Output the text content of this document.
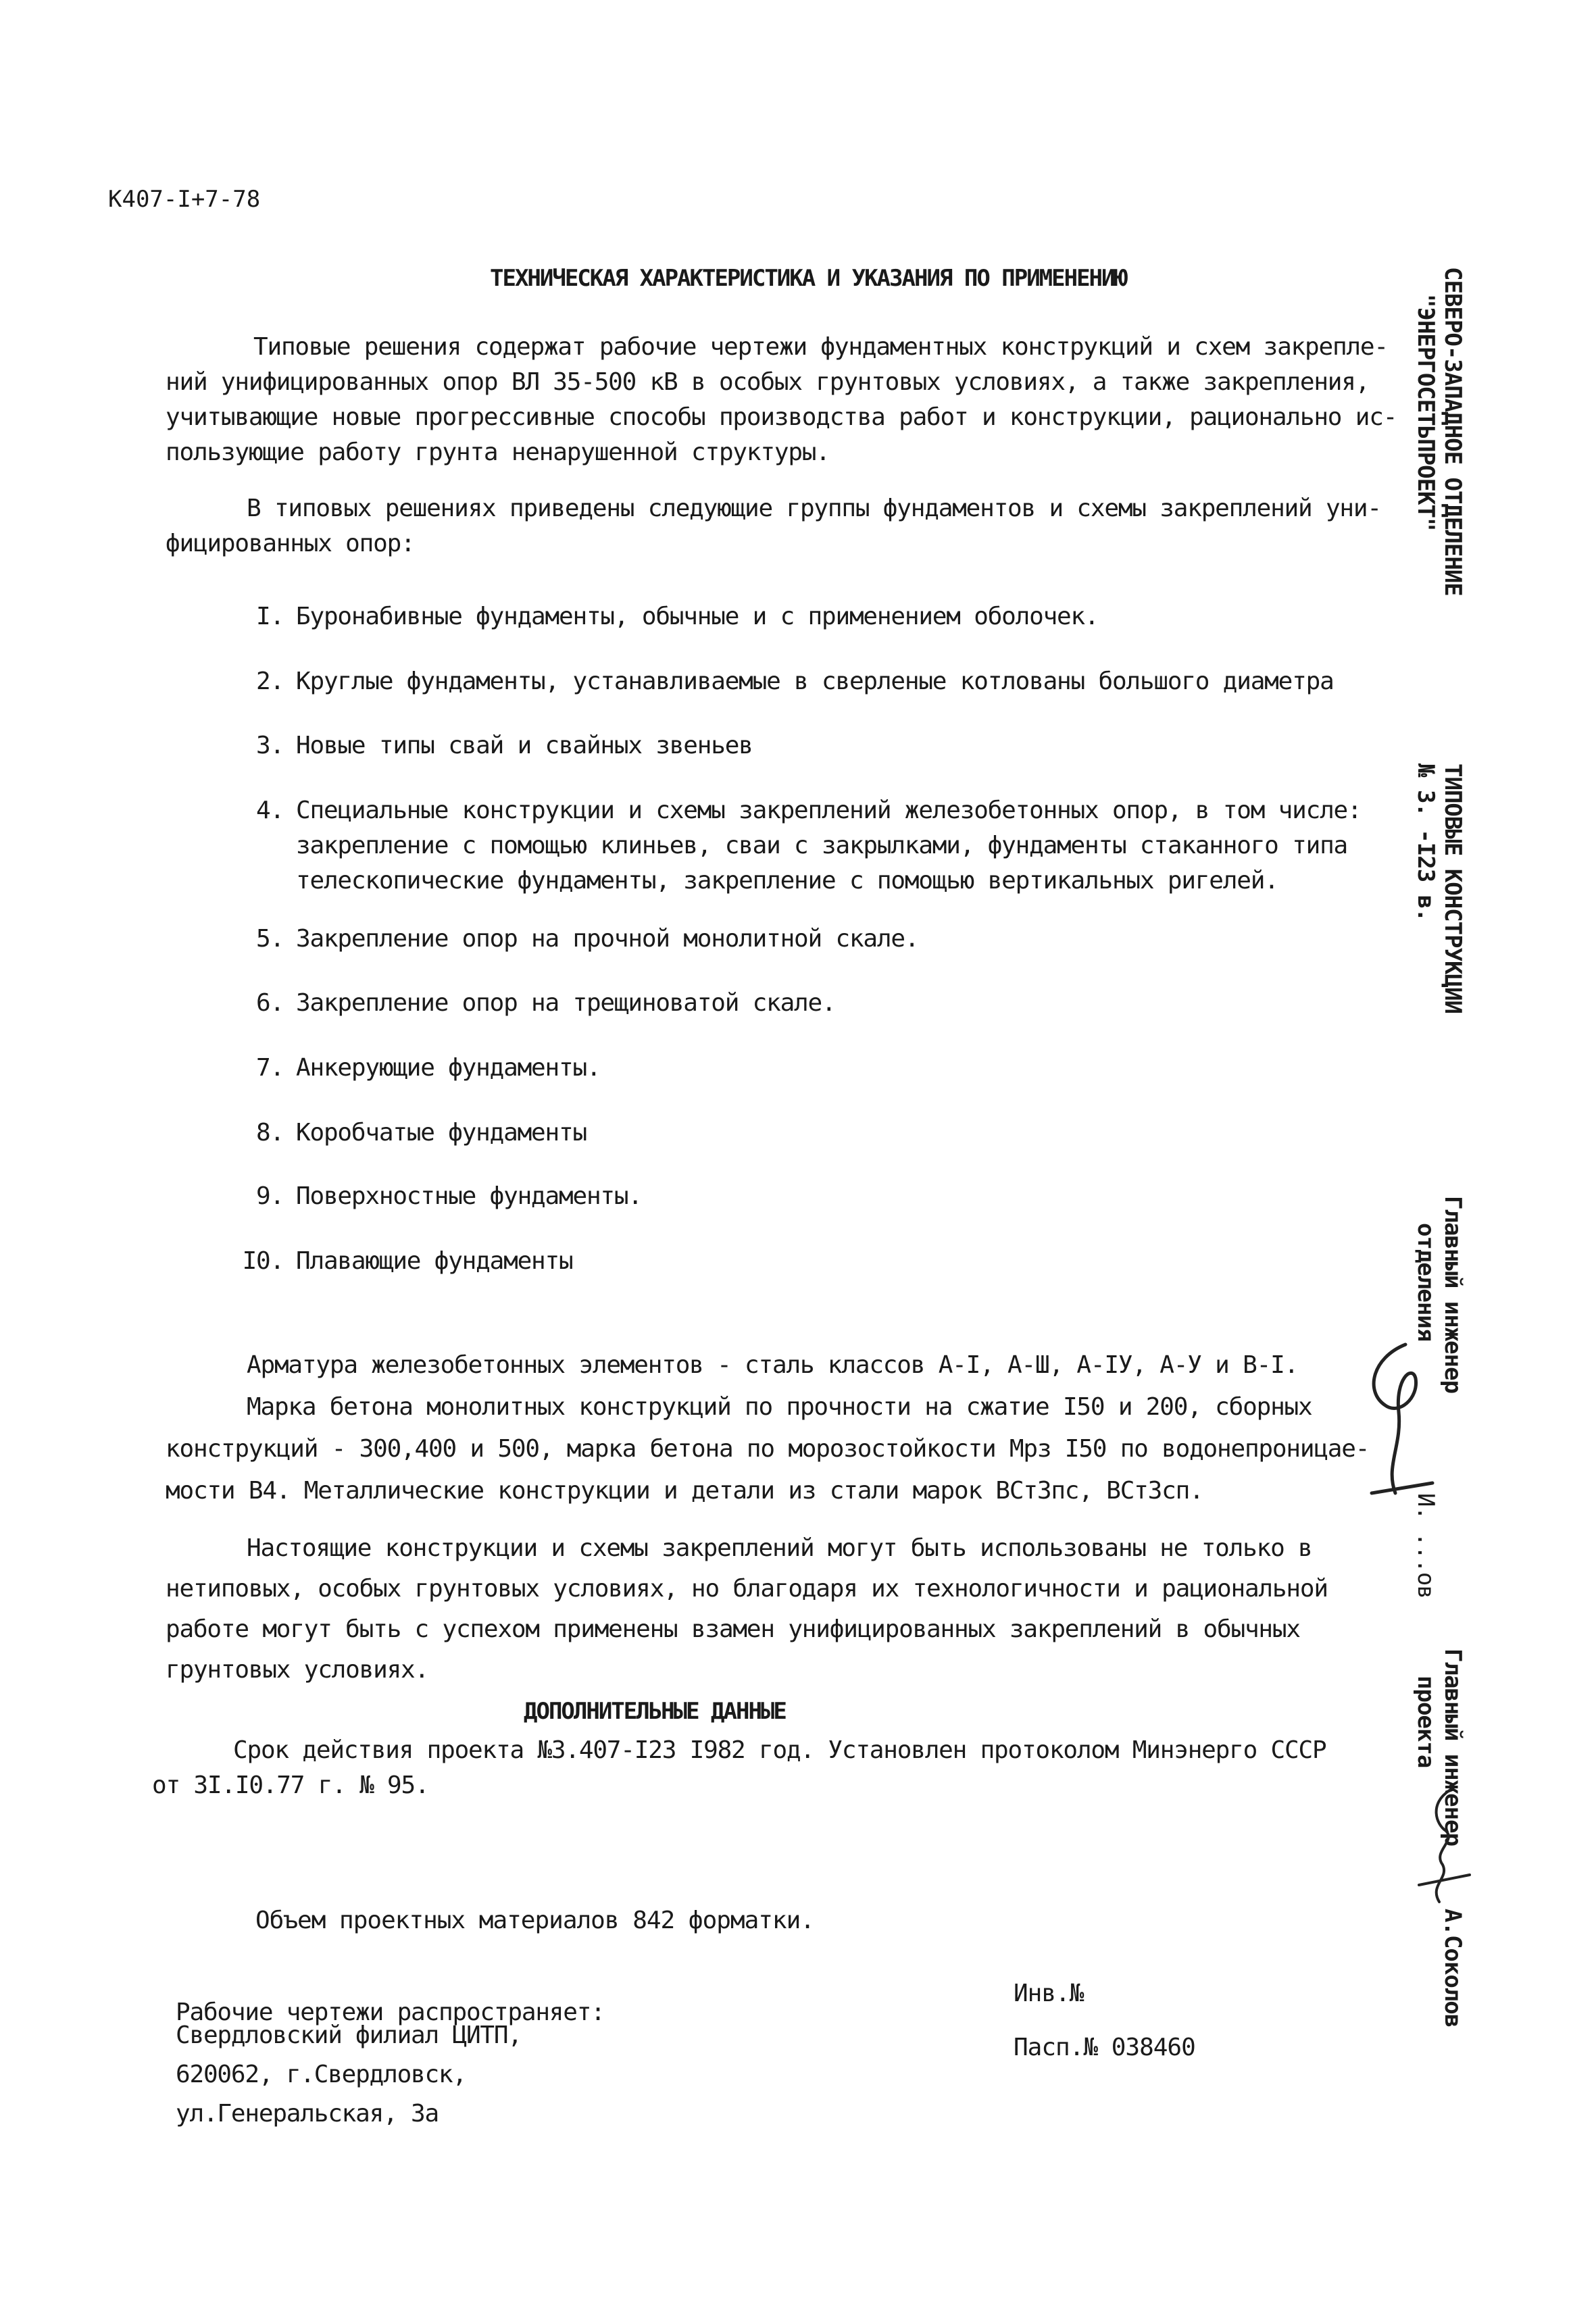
К407-І+7-78
ТЕХНИЧЕСКАЯ ХАРАКТЕРИСТИКА И УКАЗАНИЯ ПО ПРИМЕНЕНИЮ
Типовые решения содержат рабочие чертежи фундаментных конструкций и схем закрепле-
ний унифицированных опор ВЛ 35-500 кВ в особых грунтовых условиях, а также закрепления,
учитывающие новые прогрессивные способы производства работ и конструкции, рационально ис-
пользующие работу грунта ненарушенной структуры.
В типовых решениях приведены следующие группы фундаментов и схемы закреплений уни-
фицированных опор:
І. Буронабивные фундаменты, обычные и с применением оболочек.
2. Круглые фундаменты, устанавливаемые в сверленые котлованы большого диаметра
3. Новые типы свай и свайных звеньев
4. Специальные конструкции и схемы закреплений железобетонных опор, в том числе:
закрепление с помощью клиньев, сваи с закрылками, фундаменты стаканного типа
телескопические фундаменты, закрепление с помощью вертикальных ригелей.
5. Закрепление опор на прочной монолитной скале.
6. Закрепление опор на трещиноватой скале.
7. Анкерующие фундаменты.
8. Коробчатые фундаменты
9. Поверхностные фундаменты.
І0. Плавающие фундаменты
Арматура железобетонных элементов - сталь классов А-І, А-Ш, А-ІУ, А-У и В-І.
Марка бетона монолитных конструкций по прочности на сжатие І50 и 200, сборных
конструкций - 300,400 и 500, марка бетона по морозостойкости Мрз І50 по водонепроницае-
мости В4. Металлические конструкции и детали из стали марок ВСт3пс, ВСт3сп.
Настоящие конструкции и схемы закреплений могут быть использованы не только в
нетиповых, особых грунтовых условиях, но благодаря их технологичности и рациональной
работе могут быть с успехом применены взамен унифицированных закреплений в обычных
грунтовых условиях.
ДОПОЛНИТЕЛЬНЫЕ ДАННЫЕ
Срок действия проекта №3.407-І23 І982 год. Установлен протоколом Минэнерго СССР
от 3І.І0.77 г. № 95.
Объем проектных материалов 842 форматки.
Рабочие чертежи распространяет:
Свердловский филиал ЦИТП,
620062, г.Свердловск,
ул.Генеральская, 3а
Инв.№
Пасп.№ 038460
СЕВЕРО-ЗАПАДНОЕ ОТДЕЛЕНИЕ
"ЭНЕРГОСЕТЬПРОЕКТ"
ТИПОВЫЕ КОНСТРУКЦИИ
№ 3. -І23 в.
Главный инженер
отделения
И. ...ов
Главный инженер
проекта
А.Соколов
